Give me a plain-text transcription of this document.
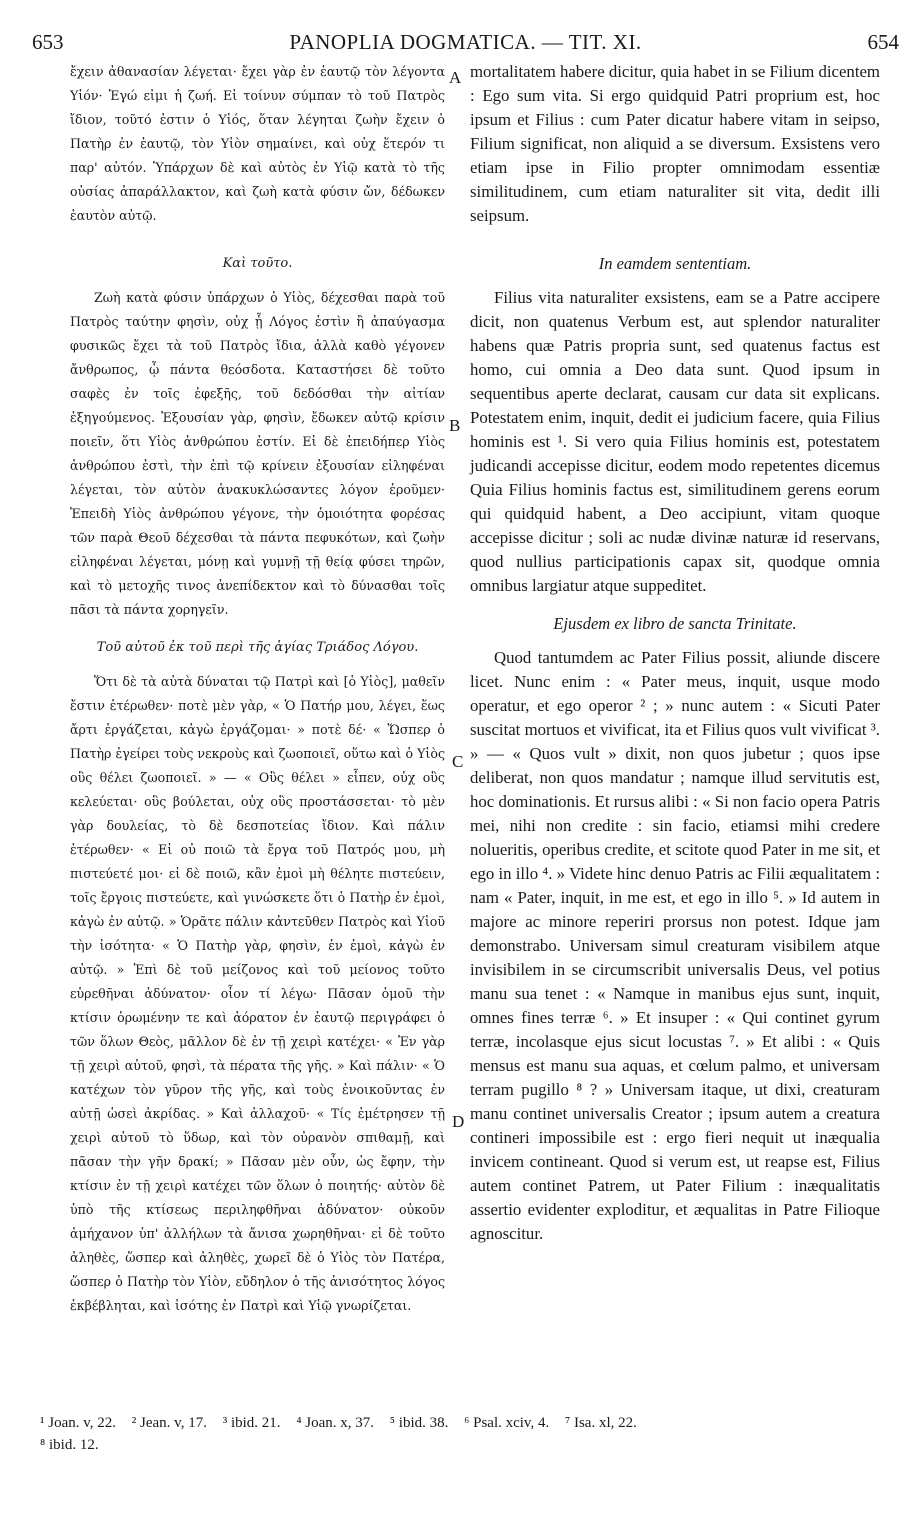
653	PANOPLIA DOGMATICA. — TIT. XI.	654

ἔχειν ἀθανασίαν λέγεται· ἔχει γὰρ ἐν ἑαυτῷ τὸν λέγοντα Υἱόν· Ἐγώ εἰμι ἡ ζωή. Εἰ τοίνυν σύμπαν τὸ τοῦ Πατρὸς ἴδιον, τοῦτό ἐστιν ὁ Υἱός, ὅταν λέγηται ζωὴν ἔχειν ὁ Πατὴρ ἐν ἑαυτῷ, τὸν Υἱὸν σημαίνει, καὶ οὐχ ἕτερόν τι παρ' αὐτόν. Ὑπάρχων δὲ καὶ αὐτὸς ἐν Υἱῷ κατὰ τὸ τῆς οὐσίας ἀπαράλλακτον, καὶ ζωὴ κατὰ φύσιν ὤν, δέδωκεν ἑαυτὸν αὐτῷ.

Καὶ τοῦτο.

Ζωὴ κατὰ φύσιν ὑπάρχων ὁ Υἱὸς, δέχεσθαι παρὰ τοῦ Πατρὸς ταύτην φησὶν, οὐχ ᾗ Λόγος ἐστὶν ἢ ἀπαύγασμα φυσικῶς ἔχει τὰ τοῦ Πατρὸς ἴδια, ἀλλὰ καθὸ γέγονεν ἄνθρωπος, ᾧ πάντα θεόσδοτα. Καταστήσει δὲ τοῦτο σαφὲς ἐν τοῖς ἐφεξῆς, τοῦ δεδόσθαι τὴν αἰτίαν ἐξηγούμενος. Ἐξουσίαν γὰρ, φησὶν, ἔδωκεν αὐτῷ κρίσιν ποιεῖν, ὅτι Υἱὸς ἀνθρώπου ἐστίν. Εἰ δὲ ἐπειδήπερ Υἱὸς ἀνθρώπου ἐστὶ, τὴν ἐπὶ τῷ κρίνειν ἐξουσίαν εἰληφέναι λέγεται, τὸν αὐτὸν ἀνακυκλώσαντες λόγον ἐροῦμεν· Ἐπειδὴ Υἱὸς ἀνθρώπου γέγονε, τὴν ὁμοιότητα φορέσας τῶν παρὰ Θεοῦ δέχεσθαι τὰ πάντα πεφυκότων, καὶ ζωὴν εἰληφέναι λέγεται, μόνῃ καὶ γυμνῇ τῇ θείᾳ φύσει τηρῶν, καὶ τὸ μετοχῆς τινος ἀνεπίδεκτον καὶ τὸ δύνασθαι τοῖς πᾶσι τὰ πάντα χορηγεῖν.

Τοῦ αὐτοῦ ἐκ τοῦ περὶ τῆς ἁγίας Τριάδος Λόγου.

Ὅτι δὲ τὰ αὐτὰ δύναται τῷ Πατρὶ καὶ [ὁ Υἱὸς], μαθεῖν ἔστιν ἑτέρωθεν· ποτὲ μὲν γὰρ, « Ὁ Πατήρ μου, λέγει, ἕως ἄρτι ἐργάζεται, κἀγὼ ἐργάζομαι· » ποτὲ δέ· « Ὥσπερ ὁ Πατὴρ ἐγείρει τοὺς νεκροὺς καὶ ζωοποιεῖ, οὕτω καὶ ὁ Υἱὸς οὓς θέλει ζωοποιεῖ. » — « Οὓς θέλει » εἶπεν, οὐχ οὓς κελεύεται· οὓς βούλεται, οὐχ οὓς προστάσσεται· τὸ μὲν γὰρ δουλείας, τὸ δὲ δεσποτείας ἴδιον. Καὶ πάλιν ἑτέρωθεν· « Εἰ οὐ ποιῶ τὰ ἔργα τοῦ Πατρός μου, μὴ πιστεύετέ μοι· εἰ δὲ ποιῶ, κἂν ἐμοὶ μὴ θέλητε πιστεύειν, τοῖς ἔργοις πιστεύετε, καὶ γινώσκετε ὅτι ὁ Πατὴρ ἐν ἐμοὶ, κἀγὼ ἐν αὐτῷ. » Ὁρᾶτε πάλιν κἀντεῦθεν Πατρὸς καὶ Υἱοῦ τὴν ἰσότητα· « Ὁ Πατὴρ γὰρ, φησὶν, ἐν ἐμοὶ, κἀγὼ ἐν αὐτῷ. » Ἐπὶ δὲ τοῦ μείζονος καὶ τοῦ μείονος τοῦτο εὑρεθῆναι ἀδύνατον· οἷον τί λέγω· Πᾶσαν ὁμοῦ τὴν κτίσιν ὁρωμένην τε καὶ ἀόρατον ἐν ἑαυτῷ περιγράφει ὁ τῶν ὅλων Θεὸς, μᾶλλον δὲ ἐν τῇ χειρὶ κατέχει· « Ἐν γὰρ τῇ χειρὶ αὐτοῦ, φησὶ, τὰ πέρατα τῆς γῆς. » Καὶ πάλιν· « Ὁ κατέχων τὸν γῦρον τῆς γῆς, καὶ τοὺς ἐνοικοῦντας ἐν αὐτῇ ὡσεὶ ἀκρίδας. » Καὶ ἀλλαχοῦ· « Τίς ἐμέτρησεν τῇ χειρὶ αὐτοῦ τὸ ὕδωρ, καὶ τὸν οὐρανὸν σπιθαμῇ, καὶ πᾶσαν τὴν γῆν δρακί; » Πᾶσαν μὲν οὖν, ὡς ἔφην, τὴν κτίσιν ἐν τῇ χειρὶ κατέχει τῶν ὅλων ὁ ποιητής· αὐτὸν δὲ ὑπὸ τῆς κτίσεως περιληφθῆναι ἀδύνατον· οὐκοῦν ἀμήχανον ὑπ' ἀλλήλων τὰ ἄνισα χωρηθῆναι· εἰ δὲ τοῦτο ἀληθὲς, ὥσπερ καὶ ἀληθὲς, χωρεῖ δὲ ὁ Υἱὸς τὸν Πατέρα, ὥσπερ ὁ Πατὴρ τὸν Υἱὸν, εὔδηλον ὁ τῆς ἀνισότητος λόγος ἐκβέβληται, καὶ ἰσότης ἐν Πατρὶ καὶ Υἱῷ γνωρίζεται.

mortalitatem habere dicitur, quia habet in se Filium dicentem : Ego sum vita. Si ergo quidquid Patri proprium est, hoc ipsum et Filius : cum Pater dicatur habere vitam in seipso, Filium significat, non aliquid a se diversum. Exsistens vero etiam ipse in Filio propter omnimodam essentiæ similitudinem, cum etiam naturaliter sit vita, dedit illi seipsum.

In eamdem sententiam.

Filius vita naturaliter exsistens, eam se a Patre accipere dicit, non quatenus Verbum est, aut splendor naturaliter habens quæ Patris propria sunt, sed quatenus factus est homo, cui omnia a Deo data sunt. Quod ipsum in sequentibus aperte declarat, causam cur data sit explicans. Potestatem enim, inquit, dedit ei judicium facere, quia Filius hominis est ¹. Si vero quia Filius hominis est, potestatem judicandi accepisse dicitur, eodem modo repetentes dicemus Quia Filius hominis factus est, similitudinem gerens eorum qui quidquid habent, a Deo accipiunt, vitam quoque accepisse dicitur ; soli ac nudæ divinæ naturæ id reservans, quod nullius participationis capax sit, quodque omnia omnibus largiatur atque suppeditet.

Ejusdem ex libro de sancta Trinitate.

Quod tantumdem ac Pater Filius possit, aliunde discere licet. Nunc enim : « Pater meus, inquit, usque modo operatur, et ego operor ² ; » nunc autem : « Sicuti Pater suscitat mortuos et vivificat, ita et Filius quos vult vivificat ³. » — « Quos vult » dixit, non quos jubetur ; quos ipse deliberat, non quos mandatur ; namque illud servitutis est, hoc dominationis. Et rursus alibi : « Si non facio opera Patris mei, nihi non credite : sin facio, etiamsi mihi credere nolueritis, operibus credite, et scitote quod Pater in me sit, et ego in illo ⁴. » Videte hinc denuo Patris ac Filii æqualitatem : nam « Pater, inquit, in me est, et ego in illo ⁵. » Id autem in majore ac minore reperiri prorsus non potest. Idque jam demonstrabo. Universam simul creaturam visibilem atque invisibilem in se circumscribit universalis Deus, vel potius manu sua tenet : « Namque in manibus ejus sunt, inquit, omnes fines terræ ⁶. » Et insuper : « Qui continet gyrum terræ, incolasque ejus sicut locustas ⁷. » Et alibi : « Quis mensus est manu sua aquas, et cœlum palmo, et universam terram pugillo ⁸ ? » Universam itaque, ut dixi, creaturam manu continet universalis Creator ; ipsum autem a creatura contineri impossibile est : ergo fieri nequit ut inæqualia invicem contineant. Quod si verum est, ut reapse est, Filius autem continet Patrem, ut Pater Filium : inæqualitatis assertio evidenter exploditur, et æqualitas in Patre Filioque agnoscitur.

A
B
C
D
¹ Joan. v, 22. ² Jean. v, 17. ³ ibid. 21. ⁴ Joan. x, 37. ⁵ ibid. 38. ⁶ Psal. xciv, 4. ⁷ Isa. xl, 22.
⁸ ibid. 12.
